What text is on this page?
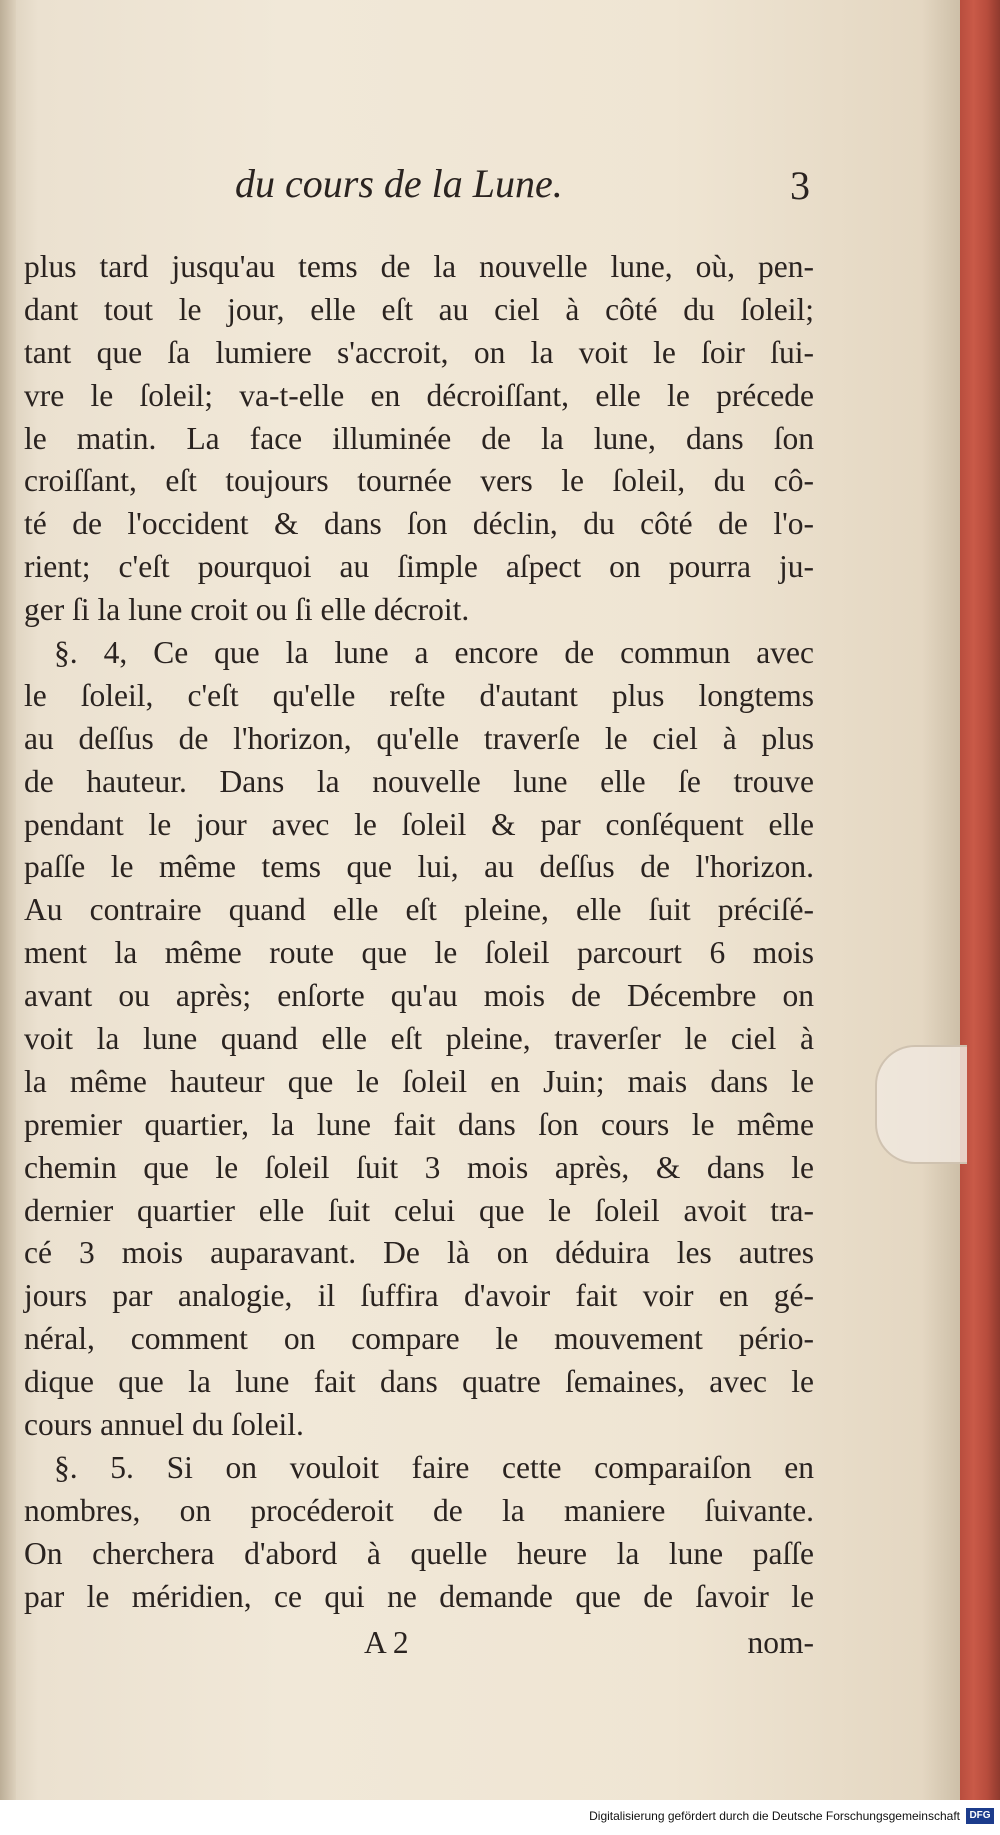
du cours de la Lune.	3
plus tard jusqu'au tems de la nouvelle lune, où, pen-
dant tout le jour, elle eſt au ciel à côté du ſoleil;
tant que ſa lumiere s'accroit, on la voit le ſoir ſui-
vre le ſoleil; va-t-elle en décroiſſant, elle le précede
le matin. La face illuminée de la lune, dans ſon
croiſſant, eſt toujours tournée vers le ſoleil, du cô-
té de l'occident & dans ſon déclin, du côté de l'o-
rient; c'eſt pourquoi au ſimple aſpect on pourra ju-
ger ſi la lune croit ou ſi elle décroit.
§. 4, Ce que la lune a encore de commun avec
le ſoleil, c'eſt qu'elle reſte d'autant plus longtems
au deſſus de l'horizon, qu'elle traverſe le ciel à plus
de hauteur. Dans la nouvelle lune elle ſe trouve
pendant le jour avec le ſoleil & par conſéquent elle
paſſe le même tems que lui, au deſſus de l'horizon.
Au contraire quand elle eſt pleine, elle ſuit préciſé-
ment la même route que le ſoleil parcourt 6 mois
avant ou après; enſorte qu'au mois de Décembre on
voit la lune quand elle eſt pleine, traverſer le ciel à
la même hauteur que le ſoleil en Juin; mais dans le
premier quartier, la lune fait dans ſon cours le même
chemin que le ſoleil ſuit 3 mois après, & dans le
dernier quartier elle ſuit celui que le ſoleil avoit tra-
cé 3 mois auparavant. De là on déduira les autres
jours par analogie, il ſuffira d'avoir fait voir en gé-
néral, comment on compare le mouvement pério-
dique que la lune fait dans quatre ſemaines, avec le
cours annuel du ſoleil.
§. 5. Si on vouloit faire cette comparaiſon en
nombres, on procéderoit de la maniere ſuivante.
On cherchera d'abord à quelle heure la lune paſſe
par le méridien, ce qui ne demande que de ſavoir le
A 2	nom-
Digitalisierung gefördert durch die Deutsche Forschungsgemeinschaft DFG
